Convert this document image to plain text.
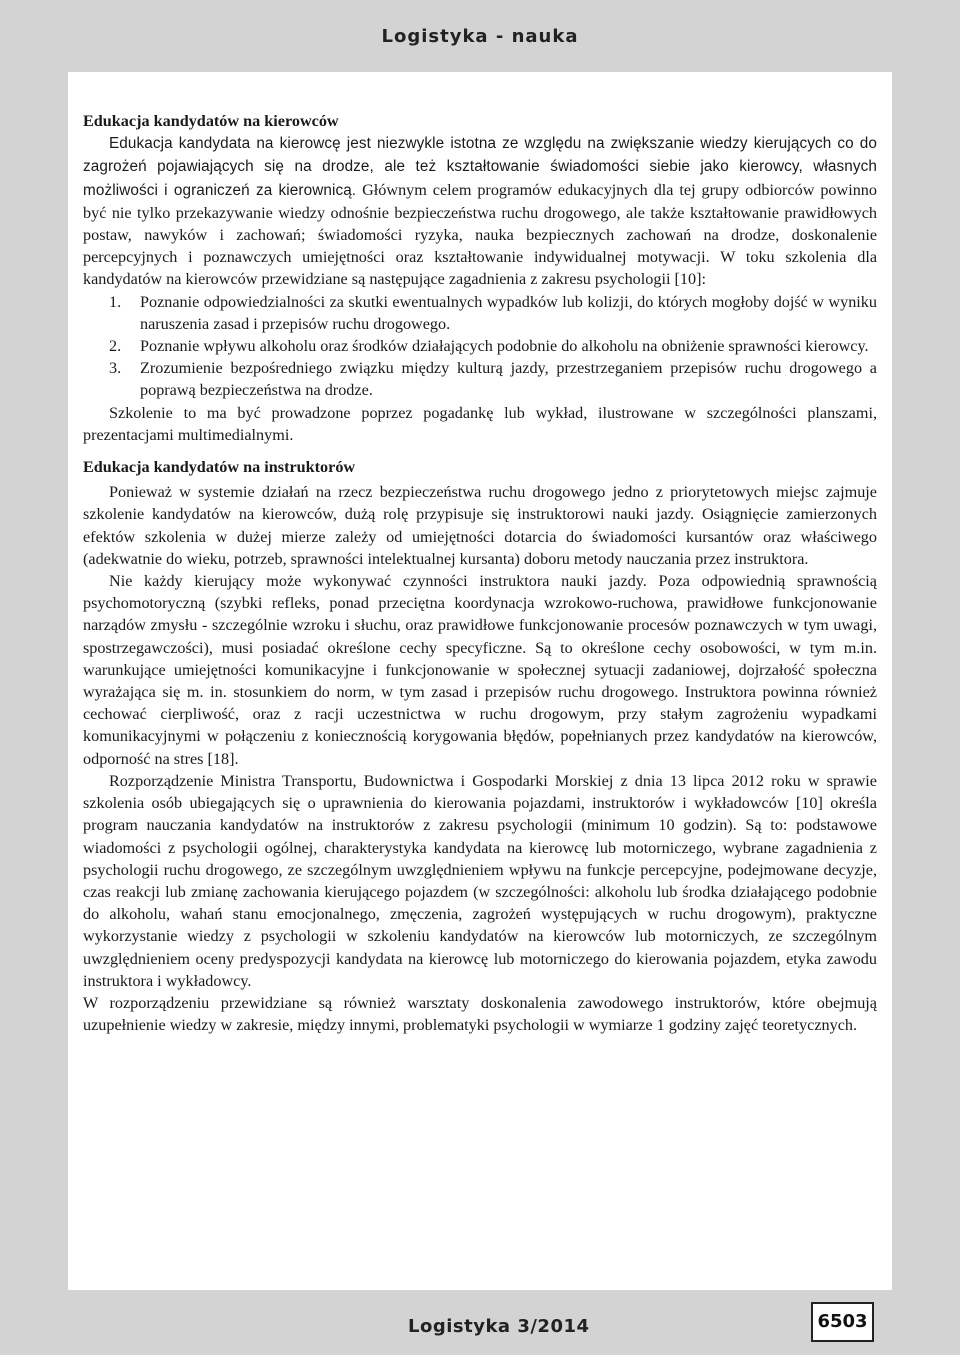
Logistyka - nauka
Edukacja kandydatów na kierowców

Edukacja kandydata na kierowcę jest niezwykle istotna ze względu na zwiększanie wiedzy kierujących co do zagrożeń pojawiających się na drodze, ale też kształtowanie świadomości siebie jako kierowcy, własnych możliwości i ograniczeń za kierownicą. Głównym celem programów edukacyjnych dla tej grupy odbiorców powinno być nie tylko przekazywanie wiedzy odnośnie bezpieczeństwa ruchu drogowego, ale także kształtowanie prawidłowych postaw, nawyków i zachowań; świadomości ryzyka, nauka bezpiecznych zachowań na drodze, doskonalenie percepcyjnych i poznawczych umiejętności oraz kształtowanie indywidualnej motywacji. W toku szkolenia dla kandydatów na kierowców przewidziane są następujące zagadnienia z zakresu psychologii [10]:

1. Poznanie odpowiedzialności za skutki ewentualnych wypadków lub kolizji, do których mogłoby dojść w wyniku naruszenia zasad i przepisów ruchu drogowego.
2. Poznanie wpływu alkoholu oraz środków działających podobnie do alkoholu na obniżenie sprawności kierowcy.
3. Zrozumienie bezpośredniego związku między kulturą jazdy, przestrzeganiem przepisów ruchu drogowego a poprawą bezpieczeństwa na drodze.

Szkolenie to ma być prowadzone poprzez pogadankę lub wykład, ilustrowane w szczególności planszami, prezentacjami multimedialnymi.

Edukacja kandydatów na instruktorów

Ponieważ w systemie działań na rzecz bezpieczeństwa ruchu drogowego jedno z priorytetowych miejsc zajmuje szkolenie kandydatów na kierowców, dużą rolę przypisuje się instruktorowi nauki jazdy. Osiągnięcie zamierzonych efektów szkolenia w dużej mierze zależy od umiejętności dotarcia do świadomości kursantów oraz właściwego (adekwatnie do wieku, potrzeb, sprawności intelektualnej kursanta) doboru metody nauczania przez instruktora.

Nie każdy kierujący może wykonywać czynności instruktora nauki jazdy. Poza odpowiednią sprawnością psychomotoryczną (szybki refleks, ponad przeciętna koordynacja wzrokowo-ruchowa, prawidłowe funkcjonowanie narządów zmysłu - szczególnie wzroku i słuchu, oraz prawidłowe funkcjonowanie procesów poznawczych w tym uwagi, spostrzegawczości), musi posiadać określone cechy specyficzne. Są to określone cechy osobowości, w tym m.in. warunkujące umiejętności komunikacyjne i funkcjonowanie w społecznej sytuacji zadaniowej, dojrzałość społeczna wyrażająca się m. in. stosunkiem do norm, w tym zasad i przepisów ruchu drogowego. Instruktora powinna również cechować cierpliwość, oraz z racji uczestnictwa w ruchu drogowym, przy stałym zagrożeniu wypadkami komunikacyjnymi w połączeniu z koniecznością korygowania błędów, popełnianych przez kandydatów na kierowców, odporność na stres [18].

Rozporządzenie Ministra Transportu, Budownictwa i Gospodarki Morskiej z dnia 13 lipca 2012 roku w sprawie szkolenia osób ubiegających się o uprawnienia do kierowania pojazdami, instruktorów i wykładowców [10] określa program nauczania kandydatów na instruktorów z zakresu psychologii (minimum 10 godzin). Są to: podstawowe wiadomości z psychologii ogólnej, charakterystyka kandydata na kierowcę lub motorniczego, wybrane zagadnienia z psychologii ruchu drogowego, ze szczególnym uwzględnieniem wpływu na funkcje percepcyjne, podejmowane decyzje, czas reakcji lub zmianę zachowania kierującego pojazdem (w szczególności: alkoholu lub środka działającego podobnie do alkoholu, wahań stanu emocjonalnego, zmęczenia, zagrożeń występujących w ruchu drogowym), praktyczne wykorzystanie wiedzy z psychologii w szkoleniu kandydatów na kierowców lub motorniczych, ze szczególnym uwzględnieniem oceny predyspozycji kandydata na kierowcę lub motorniczego do kierowania pojazdem, etyka zawodu instruktora i wykładowcy.

W rozporządzeniu przewidziane są również warsztaty doskonalenia zawodowego instruktorów, które obejmują uzupełnienie wiedzy w zakresie, między innymi, problematyki psychologii w wymiarze 1 godziny zajęć teoretycznych.

Logistyka 3/2014	6503
